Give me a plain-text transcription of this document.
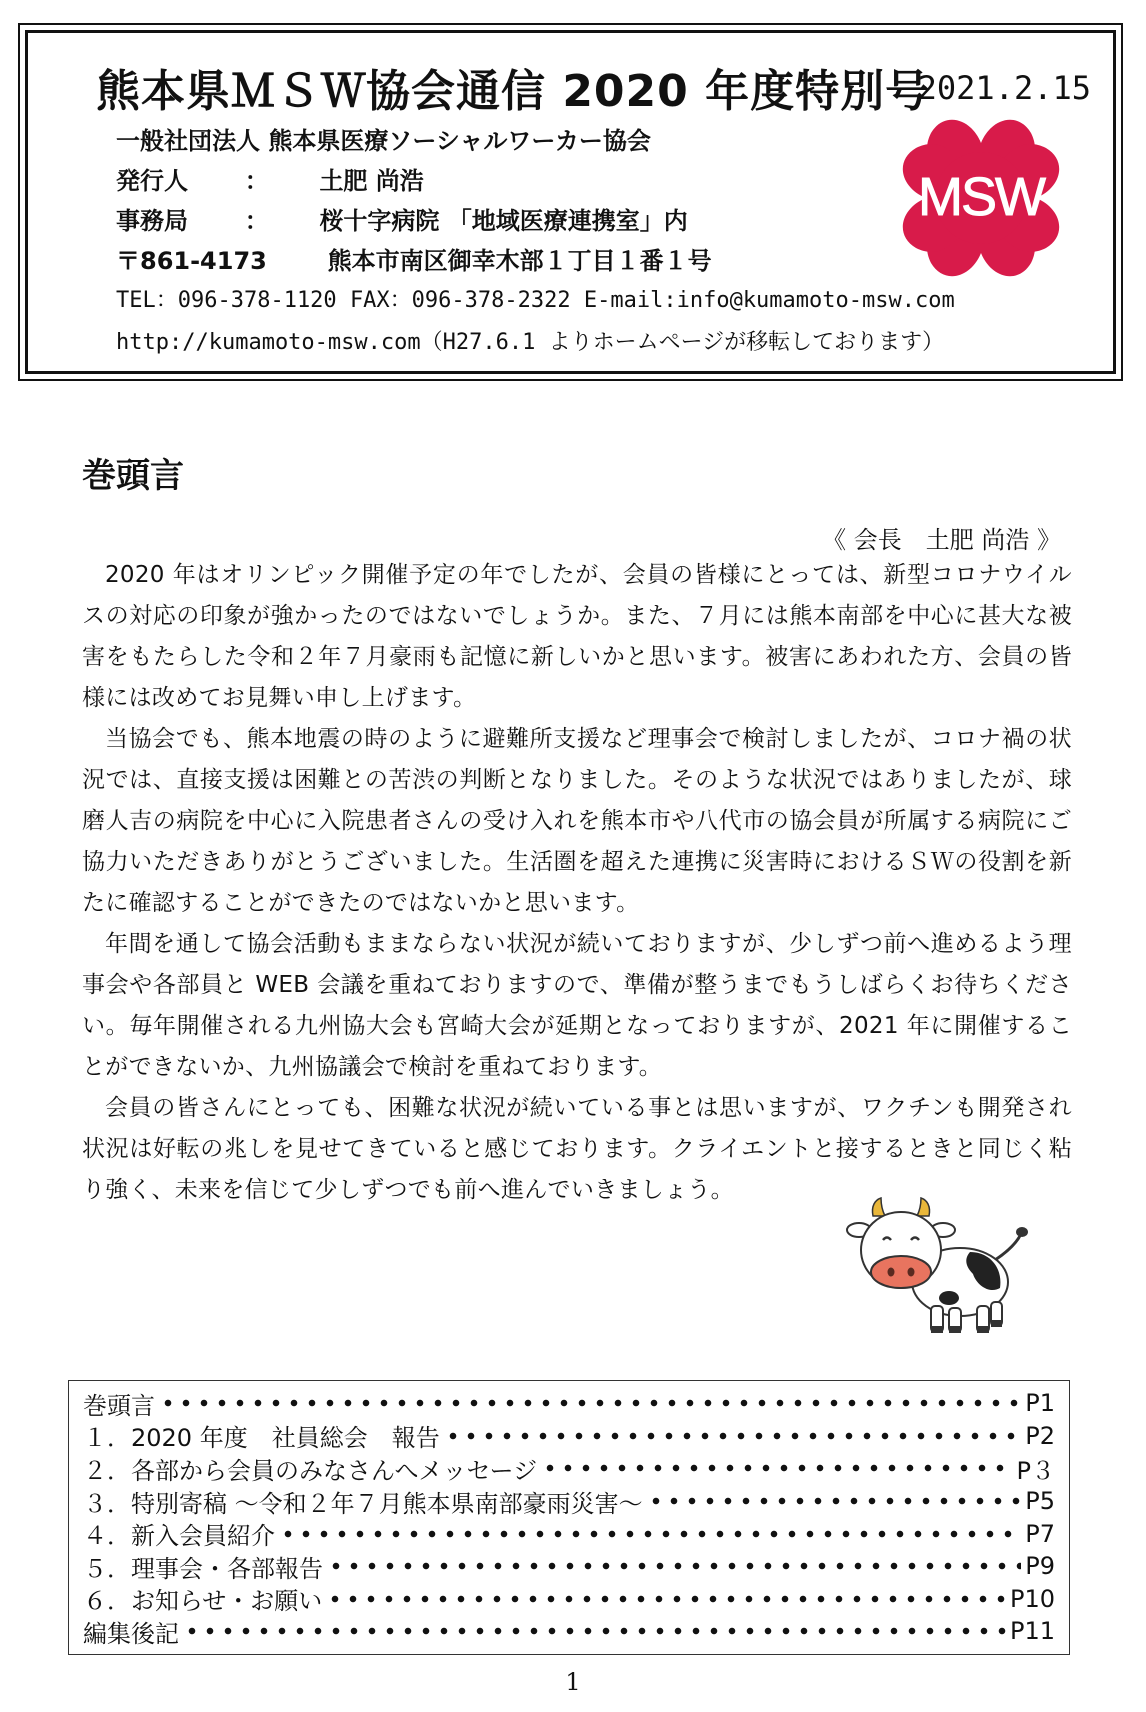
熊本県ＭＳＷ協会通信 2020 年度特別号
2021.2.15
一般社団法人 熊本県医療ソーシャルワーカー協会
発行人 ： 土肥 尚浩
事務局 ： 桜十字病院 「地域医療連携室」内
〒861-4173	熊本市南区御幸木部１丁目１番１号
TEL：096-378-1120 FAX：096-378-2322 E-mail:info@kumamoto-msw.com
http://kumamoto-msw.com（H27.6.1 よりホームページが移転しております）
MSW
巻頭言
《 会長　土肥 尚浩 》

2020 年はオリンピック開催予定の年でしたが、会員の皆様にとっては、新型コロナウイルスの対応の印象が強かったのではないでしょうか。また、７月には熊本南部を中心に甚大な被害をもたらした令和２年７月豪雨も記憶に新しいかと思います。被害にあわれた方、会員の皆様には改めてお見舞い申し上げます。

当協会でも、熊本地震の時のように避難所支援など理事会で検討しましたが、コロナ禍の状況では、直接支援は困難との苦渋の判断となりました。そのような状況ではありましたが、球磨人吉の病院を中心に入院患者さんの受け入れを熊本市や八代市の協会員が所属する病院にご協力いただきありがとうございました。生活圏を超えた連携に災害時におけるＳＷの役割を新たに確認することができたのではないかと思います。

年間を通して協会活動もままならない状況が続いておりますが、少しずつ前へ進めるよう理事会や各部員と WEB 会議を重ねておりますので、準備が整うまでもうしばらくお待ちください。毎年開催される九州協大会も宮崎大会が延期となっておりますが、2021 年に開催することができないか、九州協議会で検討を重ねております。

会員の皆さんにとっても、困難な状況が続いている事とは思いますが、ワクチンも開発され状況は好転の兆しを見せてきていると感じております。クライエントと接するときと同じく粘り強く、未来を信じて少しずつでも前へ進んでいきましょう。

巻頭言	P1
１．2020 年度　社員総会　報告	P2
２．各部から会員のみなさんへメッセージ	P３
３．特別寄稿 ～令和２年７月熊本県南部豪雨災害～	P5
４．新入会員紹介	P7
５．理事会・各部報告	P9
６．お知らせ・お願い	P10
編集後記	P11
1
